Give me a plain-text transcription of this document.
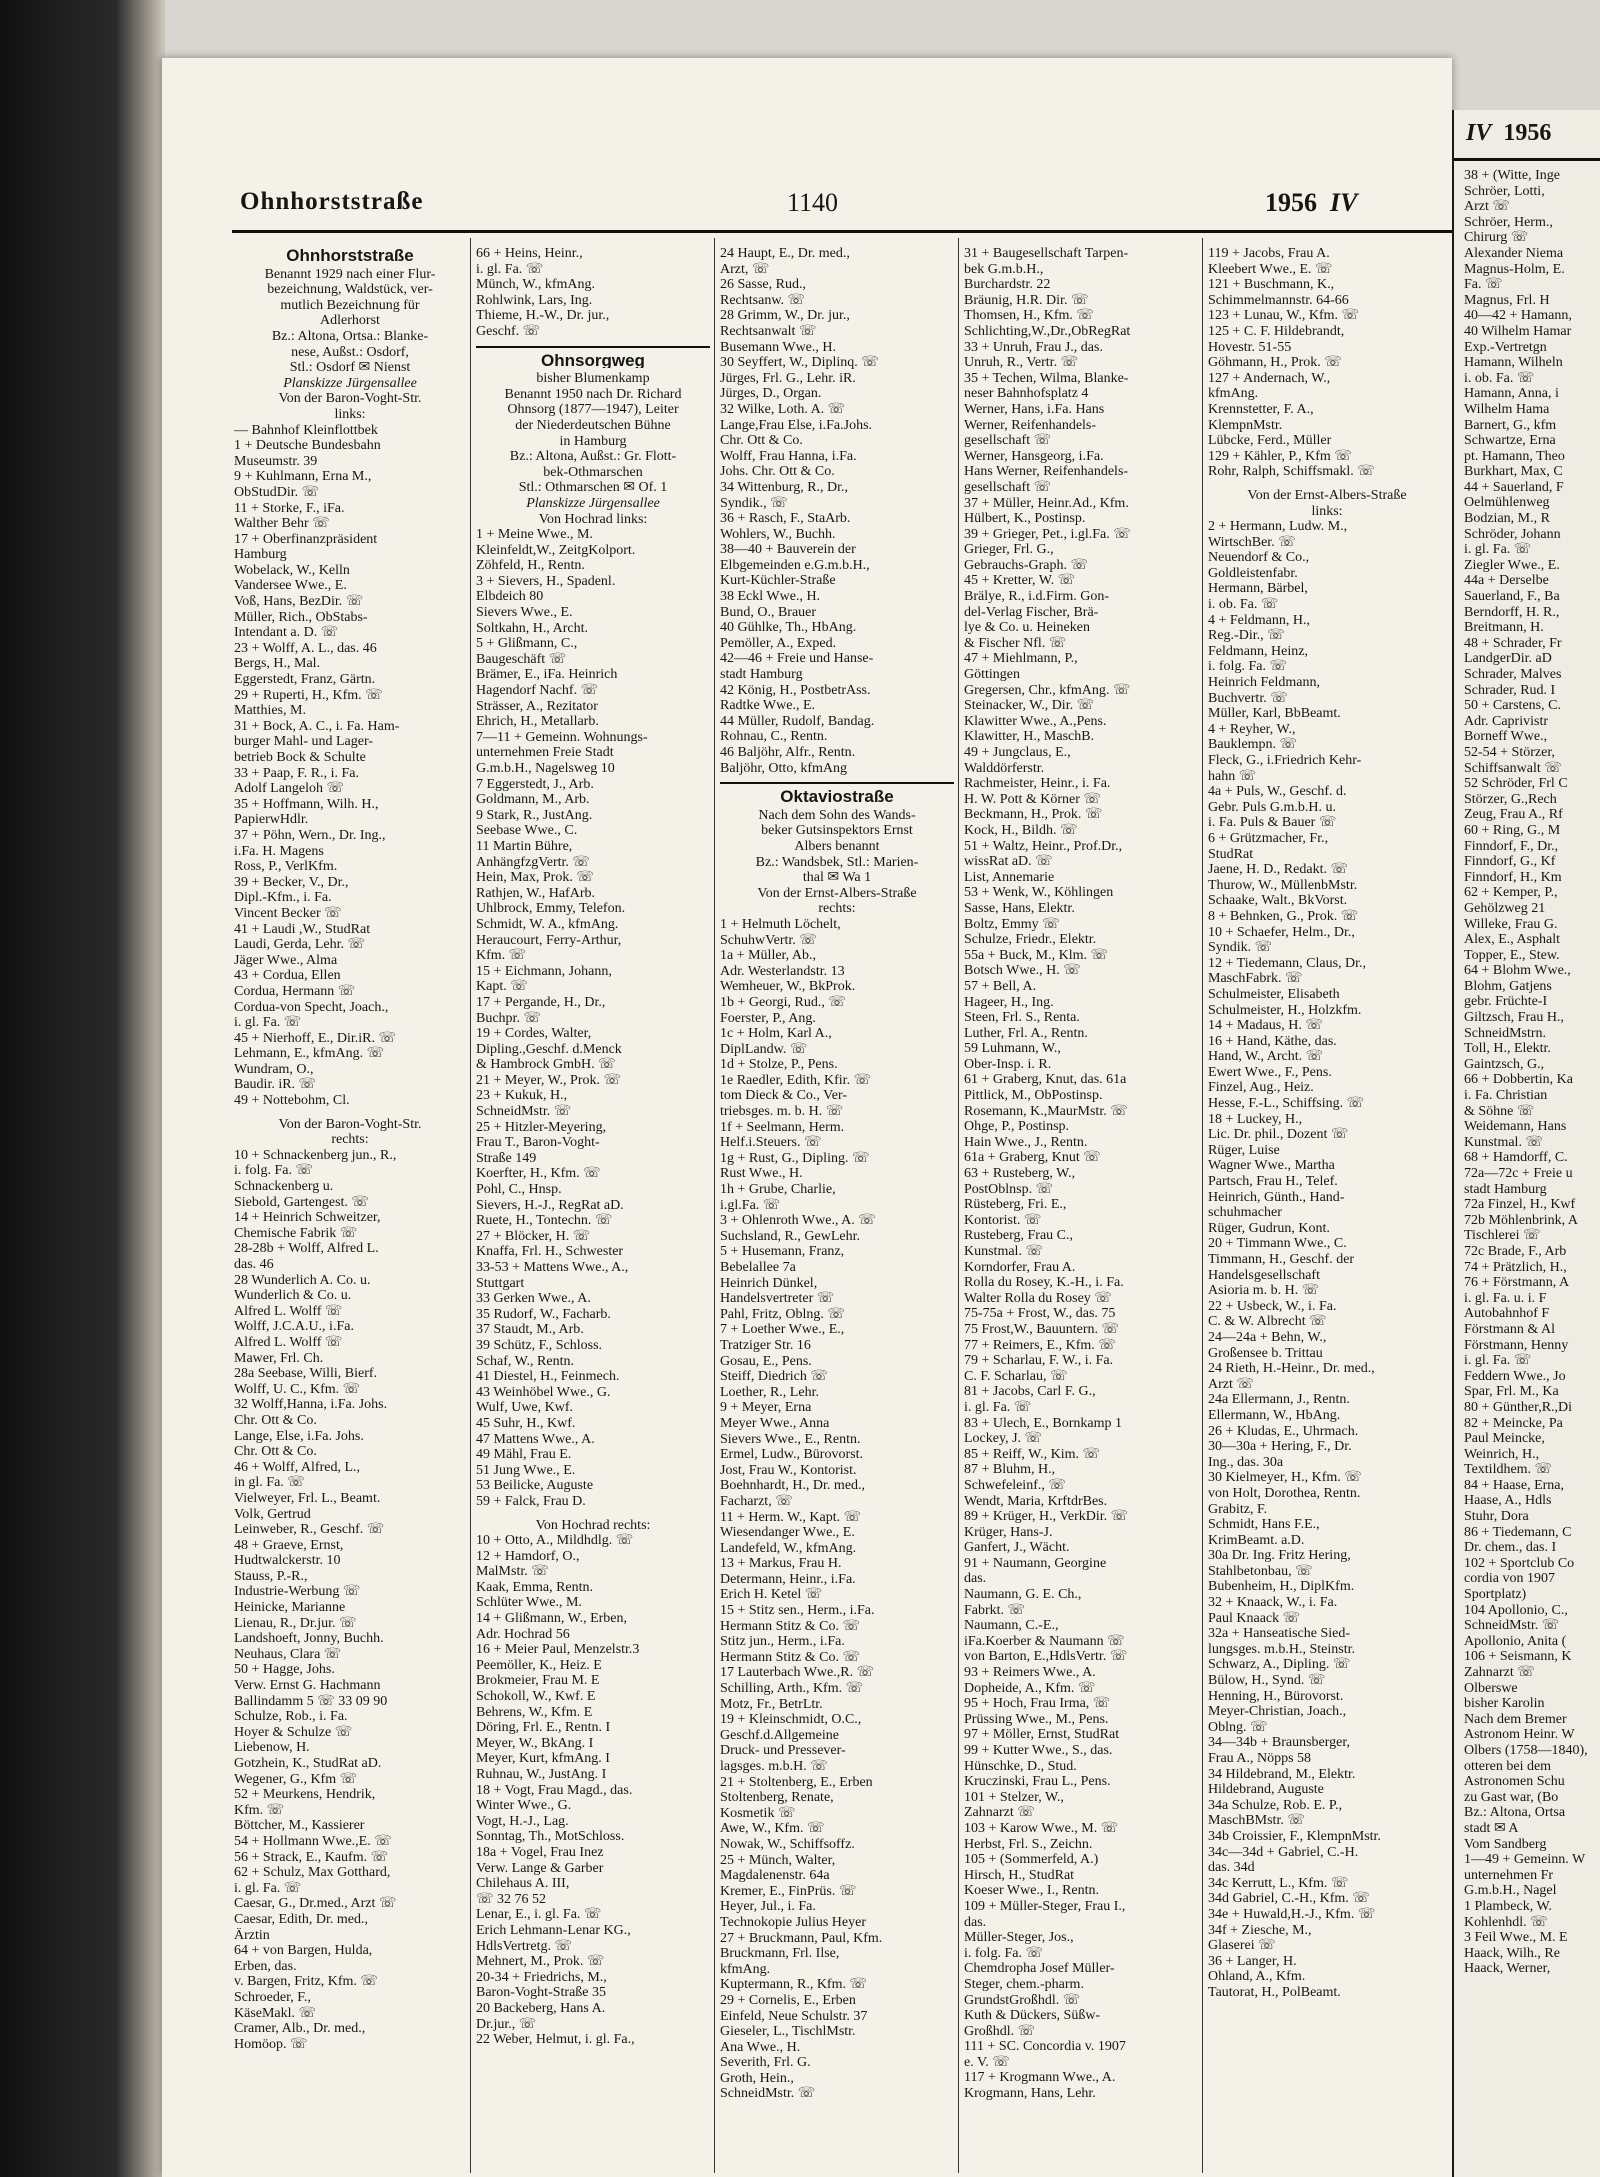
Ohnhorststraße	1140	1956 IV
Ohnhorststraße
Benannt 1929 nach einer Flur-
bezeichnung, Waldstück, ver-
mutlich Bezeichnung für
Adlerhorst
Bz.: Altona, Ortsa.: Blanke-
nese, Außst.: Osdorf,
Stl.: Osdorf ✉ Nienst
Planskizze Jürgensallee
Von der Baron-Voght-Str.
links:
— Bahnhof Kleinflottbek
1 + Deutsche Bundesbahn
Museumstr. 39
9 + Kuhlmann, Erna M.,
ObStudDir. ☏
11 + Storke, F., iFa.
Walther Behr ☏
17 + Oberfinanzpräsident
Hamburg
Wobelack, W., Kelln
Vandersee Wwe., E.
Voß, Hans, BezDir. ☏
Müller, Rich., ObStabs-
Intendant a. D. ☏
23 + Wolff, A. L., das. 46
Bergs, H., Mal.
Eggerstedt, Franz, Gärtn.
29 + Ruperti, H., Kfm. ☏
Matthies, M.
31 + Bock, A. C., i. Fa. Ham-
burger Mahl- und Lager-
betrieb Bock & Schulte
33 + Paap, F. R., i. Fa.
Adolf Langeloh ☏
35 + Hoffmann, Wilh. H.,
PapierwHdlr.
37 + Pöhn, Wern., Dr. Ing.,
i.Fa. H. Magens
Ross, P., VerlKfm.
39 + Becker, V., Dr.,
Dipl.-Kfm., i. Fa.
Vincent Becker ☏
41 + Laudi ,W., StudRat
Laudi, Gerda, Lehr. ☏
Jäger Wwe., Alma
43 + Cordua, Ellen
Cordua, Hermann ☏
Cordua-von Specht, Joach.,
i. gl. Fa. ☏
45 + Nierhoff, E., Dir.iR. ☏
Lehmann, E., kfmAng. ☏
Wundram, O.,
Baudir. iR. ☏
49 + Nottebohm, Cl.
Von der Baron-Voght-Str.
rechts:
10 + Schnackenberg jun., R.,
i. folg. Fa. ☏
Schnackenberg u.
Siebold, Gartengest. ☏
14 + Heinrich Schweitzer,
Chemische Fabrik ☏
28-28b + Wolff, Alfred L.
das. 46
28 Wunderlich A. Co. u.
Wunderlich & Co. u.
Alfred L. Wolff ☏
Wolff, J.C.A.U., i.Fa.
Alfred L. Wolff ☏
Mawer, Frl. Ch.
28a Seebase, Willi, Bierf.
Wolff, U. C., Kfm. ☏
32 Wolff,Hanna, i.Fa. Johs.
Chr. Ott & Co.
Lange, Else, i.Fa. Johs.
Chr. Ott & Co.
46 + Wolff, Alfred, L.,
in gl. Fa. ☏
Vielweyer, Frl. L., Beamt.
Volk, Gertrud
Leinweber, R., Geschf. ☏
48 + Graeve, Ernst,
Hudtwalckerstr. 10
Stauss, P.-R.,
Industrie-Werbung ☏
Heinicke, Marianne
Lienau, R., Dr.jur. ☏
Landshoeft, Jonny, Buchh.
Neuhaus, Clara ☏
50 + Hagge, Johs.
Verw. Ernst G. Hachmann
Ballindamm 5 ☏ 33 09 90
Schulze, Rob., i. Fa.
Hoyer & Schulze ☏
Liebenow, H.
Gotzhein, K., StudRat aD.
Wegener, G., Kfm ☏
52 + Meurkens, Hendrik,
Kfm. ☏
Böttcher, M., Kassierer
54 + Hollmann Wwe.,E. ☏
56 + Strack, E., Kaufm. ☏
62 + Schulz, Max Gotthard,
i. gl. Fa. ☏
Caesar, G., Dr.med., Arzt ☏
Caesar, Edith, Dr. med.,
Ärztin
64 + von Bargen, Hulda,
Erben, das.
v. Bargen, Fritz, Kfm. ☏
Schroeder, F.,
KäseMakl. ☏
Cramer, Alb., Dr. med.,
Homöop. ☏
66 + Heins, Heinr.,
i. gl. Fa. ☏
Münch, W., kfmAng.
Rohlwink, Lars, Ing.
Thieme, H.-W., Dr. jur.,
Geschf. ☏
Ohnsorgweg
bisher Blumenkamp
Benannt 1950 nach Dr. Richard
Ohnsorg (1877—1947), Leiter
der Niederdeutschen Bühne
in Hamburg
Bz.: Altona, Außst.: Gr. Flott-
bek-Othmarschen
Stl.: Othmarschen ✉ Of. 1
Planskizze Jürgensallee
Von Hochrad links:
1 + Meine Wwe., M.
Kleinfeldt,W., ZeitgKolport.
Zöhfeld, H., Rentn.
3 + Sievers, H., Spadenl.
Elbdeich 80
Sievers Wwe., E.
Soltkahn, H., Archt.
5 + Glißmann, C.,
Baugeschäft ☏
Brämer, E., iFa. Heinrich
Hagendorf Nachf. ☏
Strässer, A., Rezitator
Ehrich, H., Metallarb.
7—11 + Gemeinn. Wohnungs-
unternehmen Freie Stadt
G.m.b.H., Nagelsweg 10
7 Eggerstedt, J., Arb.
Goldmann, M., Arb.
9 Stark, R., JustAng.
Seebase Wwe., C.
11 Martin Bühre,
AnhängfzgVertr. ☏
Hein, Max, Prok. ☏
Rathjen, W., HafArb.
Uhlbrock, Emmy, Telefon.
Schmidt, W. A., kfmAng.
Heraucourt, Ferry-Arthur,
Kfm. ☏
15 + Eichmann, Johann,
Kapt. ☏
17 + Pergande, H., Dr.,
Buchpr. ☏
19 + Cordes, Walter,
Dipling.,Geschf. d.Menck
& Hambrock GmbH. ☏
21 + Meyer, W., Prok. ☏
23 + Kukuk, H.,
SchneidMstr. ☏
25 + Hitzler-Meyering,
Frau T., Baron-Voght-
Straße 149
Koerfter, H., Kfm. ☏
Pohl, C., Hnsp.
Sievers, H.-J., RegRat aD.
Ruete, H., Tontechn. ☏
27 + Blöcker, H. ☏
Knaffa, Frl. H., Schwester
33-53 + Mattens Wwe., A.,
Stuttgart
33 Gerken Wwe., A.
35 Rudorf, W., Facharb.
37 Staudt, M., Arb.
39 Schütz, F., Schloss.
Schaf, W., Rentn.
41 Diestel, H., Feinmech.
43 Weinhöbel Wwe., G.
Wulf, Uwe, Kwf.
45 Suhr, H., Kwf.
47 Mattens Wwe., A.
49 Mähl, Frau E.
51 Jung Wwe., E.
53 Beilicke, Auguste
59 + Falck, Frau D.
Von Hochrad rechts:
10 + Otto, A., Mildhdlg. ☏
12 + Hamdorf, O.,
MalMstr. ☏
Kaak, Emma, Rentn.
Schlüter Wwe., M.
14 + Glißmann, W., Erben,
Adr. Hochrad 56
16 + Meier Paul, Menzelstr.3
Peemöller, K., Heiz. E
Brokmeier, Frau M. E
Schokoll, W., Kwf. E
Behrens, W., Kfm. E
Döring, Frl. E., Rentn. I
Meyer, W., BkAng. I
Meyer, Kurt, kfmAng. I
Ruhnau, W., JustAng. I
18 + Vogt, Frau Magd., das.
Winter Wwe., G.
Vogt, H.-J., Lag.
Sonntag, Th., MotSchloss.
18a + Vogel, Frau Inez
Verw. Lange & Garber
Chilehaus A. III,
☏ 32 76 52
Lenar, E., i. gl. Fa. ☏
Erich Lehmann-Lenar KG.,
HdlsVertretg. ☏
Mehnert, M., Prok. ☏
20-34 + Friedrichs, M.,
Baron-Voght-Straße 35
20 Backeberg, Hans A.
Dr.jur., ☏
22 Weber, Helmut, i. gl. Fa.,
24 Haupt, E., Dr. med.,
Arzt, ☏
26 Sasse, Rud.,
Rechtsanw. ☏
28 Grimm, W., Dr. jur.,
Rechtsanwalt ☏
Busemann Wwe., H.
30 Seyffert, W., Diplinq. ☏
Jürges, Frl. G., Lehr. iR.
Jürges, D., Organ.
32 Wilke, Loth. A. ☏
Lange,Frau Else, i.Fa.Johs.
Chr. Ott & Co.
Wolff, Frau Hanna, i.Fa.
Johs. Chr. Ott & Co.
34 Wittenburg, R., Dr.,
Syndik., ☏
36 + Rasch, F., StaArb.
Wohlers, W., Buchh.
38—40 + Bauverein der
Elbgemeinden e.G.m.b.H.,
Kurt-Küchler-Straße
38 Eckl Wwe., H.
Bund, O., Brauer
40 Gühlke, Th., HbAng.
Pemöller, A., Exped.
42—46 + Freie und Hanse-
stadt Hamburg
42 König, H., PostbetrAss.
Radtke Wwe., E.
44 Müller, Rudolf, Bandag.
Rohnau, C., Rentn.
46 Baljöhr, Alfr., Rentn.
Baljöhr, Otto, kfmAng
Oktaviostraße
Nach dem Sohn des Wands-
beker Gutsinspektors Ernst
Albers benannt
Bz.: Wandsbek, Stl.: Marien-
thal ✉ Wa 1
Von der Ernst-Albers-Straße
rechts:
1 + Helmuth Löchelt,
SchuhwVertr. ☏
1a + Müller, Ab.,
Adr. Westerlandstr. 13
Wemheuer, W., BkProk.
1b + Georgi, Rud., ☏
Foerster, P., Ang.
1c + Holm, Karl A.,
DiplLandw. ☏
1d + Stolze, P., Pens.
1e Raedler, Edith, Kfir. ☏
tom Dieck & Co., Ver-
triebsges. m. b. H. ☏
1f + Seelmann, Herm.
Helf.i.Steuers. ☏
1g + Rust, G., Dipling. ☏
Rust Wwe., H.
1h + Grube, Charlie,
i.gl.Fa. ☏
3 + Ohlenroth Wwe., A. ☏
Suchsland, R., GewLehr.
5 + Husemann, Franz,
Bebelallee 7a
Heinrich Dünkel,
Handelsvertreter ☏
Pahl, Fritz, Oblng. ☏
7 + Loether Wwe., E.,
Tratziger Str. 16
Gosau, E., Pens.
Steiff, Diedrich ☏
Loether, R., Lehr.
9 + Meyer, Erna
Meyer Wwe., Anna
Sievers Wwe., E., Rentn.
Ermel, Ludw., Bürovorst.
Jost, Frau W., Kontorist.
Boehnhardt, H., Dr. med.,
Facharzt, ☏
11 + Herm. W., Kapt. ☏
Wiesendanger Wwe., E.
Landefeld, W., kfmAng.
13 + Markus, Frau H.
Determann, Heinr., i.Fa.
Erich H. Ketel ☏
15 + Stitz sen., Herm., i.Fa.
Hermann Stitz & Co. ☏
Stitz jun., Herm., i.Fa.
Hermann Stitz & Co. ☏
17 Lauterbach Wwe.,R. ☏
Schilling, Arth., Kfm. ☏
Motz, Fr., BetrLtr.
19 + Kleinschmidt, O.C.,
Geschf.d.Allgemeine
Druck- und Pressever-
lagsges. m.b.H. ☏
21 + Stoltenberg, E., Erben
Stoltenberg, Renate,
Kosmetik ☏
Awe, W., Kfm. ☏
Nowak, W., Schiffsoffz.
25 + Münch, Walter,
Magdalenenstr. 64a
Kremer, E., FinPrüs. ☏
Heyer, Jul., i. Fa.
Technokopie Julius Heyer
27 + Bruckmann, Paul, Kfm.
Bruckmann, Frl. Ilse,
kfmAng.
Kuptermann, R., Kfm. ☏
29 + Cornelis, E., Erben
Einfeld, Neue Schulstr. 37
Gieseler, L., TischlMstr.
Ana Wwe., H.
Severith, Frl. G.
Groth, Hein.,
SchneidMstr. ☏
31 + Baugesellschaft Tarpen-
bek G.m.b.H.,
Burchardstr. 22
Bräunig, H.R. Dir. ☏
Thomsen, H., Kfm. ☏
Schlichting,W.,Dr.,ObRegRat
33 + Unruh, Frau J., das.
Unruh, R., Vertr. ☏
35 + Techen, Wilma, Blanke-
neser Bahnhofsplatz 4
Werner, Hans, i.Fa. Hans
Werner, Reifenhandels-
gesellschaft ☏
Werner, Hansgeorg, i.Fa.
Hans Werner, Reifenhandels-
gesellschaft ☏
37 + Müller, Heinr.Ad., Kfm.
Hülbert, K., Postinsp.
39 + Grieger, Pet., i.gl.Fa. ☏
Grieger, Frl. G.,
Gebrauchs-Graph. ☏
45 + Kretter, W. ☏
Brälye, R., i.d.Firm. Gon-
del-Verlag Fischer, Brä-
lye & Co. u. Heineken
& Fischer Nfl. ☏
47 + Miehlmann, P.,
Göttingen
Gregersen, Chr., kfmAng. ☏
Steinacker, W., Dir. ☏
Klawitter Wwe., A.,Pens.
Klawitter, H., MaschB.
49 + Jungclaus, E.,
Walddörferstr.
Rachmeister, Heinr., i. Fa.
H. W. Pott & Körner ☏
Beckmann, H., Prok. ☏
Kock, H., Bildh. ☏
51 + Waltz, Heinr., Prof.Dr.,
wissRat aD. ☏
List, Annemarie
53 + Wenk, W., Köhlingen
Sasse, Hans, Elektr.
Boltz, Emmy ☏
Schulze, Friedr., Elektr.
55a + Buck, M., Klm. ☏
Botsch Wwe., H. ☏
57 + Bell, A.
Hageer, H., Ing.
Steen, Frl. S., Renta.
Luther, Frl. A., Rentn.
59 Luhmann, W.,
Ober-Insp. i. R.
61 + Graberg, Knut, das. 61a
Pittlick, M., ObPostinsp.
Rosemann, K.,MaurMstr. ☏
Ohge, P., Postinsp.
Hain Wwe., J., Rentn.
61a + Graberg, Knut ☏
63 + Rusteberg, W.,
PostOblnsp. ☏
Rüsteberg, Fri. E.,
Kontorist. ☏
Rusteberg, Frau C.,
Kunstmal. ☏
Korndorfer, Frau A.
Rolla du Rosey, K.-H., i. Fa.
Walter Rolla du Rosey ☏
75-75a + Frost, W., das. 75
75 Frost,W., Bauuntern. ☏
77 + Reimers, E., Kfm. ☏
79 + Scharlau, F. W., i. Fa.
C. F. Scharlau, ☏
81 + Jacobs, Carl F. G.,
i. gl. Fa. ☏
83 + Ulech, E., Bornkamp 1
Lockey, J. ☏
85 + Reiff, W., Kim. ☏
87 + Bluhm, H.,
Schwefeleinf., ☏
Wendt, Maria, KrftdrBes.
89 + Krüger, H., VerkDir. ☏
Krüger, Hans-J.
Ganfert, J., Wächt.
91 + Naumann, Georgine
das.
Naumann, G. E. Ch.,
Fabrkt. ☏
Naumann, C.-E.,
iFa.Koerber & Naumann ☏
von Barton, E.,HdlsVertr. ☏
93 + Reimers Wwe., A.
Dopheide, A., Kfm. ☏
95 + Hoch, Frau Irma, ☏
Prüssing Wwe., M., Pens.
97 + Möller, Ernst, StudRat
99 + Kutter Wwe., S., das.
Hünschke, D., Stud.
Kruczinski, Frau L., Pens.
101 + Stelzer, W.,
Zahnarzt ☏
103 + Karow Wwe., M. ☏
Herbst, Frl. S., Zeichn.
105 + (Sommerfeld, A.)
Hirsch, H., StudRat
Koeser Wwe., I., Rentn.
109 + Müller-Steger, Frau I.,
das.
Müller-Steger, Jos.,
i. folg. Fa. ☏
Chemdropha Josef Müller-
Steger, chem.-pharm.
GrundstGroßhdl. ☏
Kuth & Dückers, Süßw-
Großhdl. ☏
111 + SC. Concordia v. 1907
e. V. ☏
117 + Krogmann Wwe., A.
Krogmann, Hans, Lehr.
119 + Jacobs, Frau A.
Kleebert Wwe., E. ☏
121 + Buschmann, K.,
Schimmelmannstr. 64-66
123 + Lunau, W., Kfm. ☏
125 + C. F. Hildebrandt,
Hovestr. 51-55
Göhmann, H., Prok. ☏
127 + Andernach, W.,
kfmAng.
Krennstetter, F. A.,
KlempnMstr.
Lübcke, Ferd., Müller
129 + Kähler, P., Kfm ☏
Rohr, Ralph, Schiffsmakl. ☏
Von der Ernst-Albers-Straße
links:
2 + Hermann, Ludw. M.,
WirtschBer. ☏
Neuendorf & Co.,
Goldleistenfabr.
Hermann, Bärbel,
i. ob. Fa. ☏
4 + Feldmann, H.,
Reg.-Dir., ☏
Feldmann, Heinz,
i. folg. Fa. ☏
Heinrich Feldmann,
Buchvertr. ☏
Müller, Karl, BbBeamt.
4 + Reyher, W.,
Bauklempn. ☏
Fleck, G., i.Friedrich Kehr-
hahn ☏
4a + Puls, W., Geschf. d.
Gebr. Puls G.m.b.H. u.
i. Fa. Puls & Bauer ☏
6 + Grützmacher, Fr.,
StudRat
Jaene, H. D., Redakt. ☏
Thurow, W., MüllenbMstr.
Schaake, Walt., BkVorst.
8 + Behnken, G., Prok. ☏
10 + Schaefer, Helm., Dr.,
Syndik. ☏
12 + Tiedemann, Claus, Dr.,
MaschFabrk. ☏
Schulmeister, Elisabeth
Schulmeister, H., Holzkfm.
14 + Madaus, H. ☏
16 + Hand, Käthe, das.
Hand, W., Archt. ☏
Ewert Wwe., F., Pens.
Finzel, Aug., Heiz.
Hesse, F.-L., Schiffsing. ☏
18 + Luckey, H.,
Lic. Dr. phil., Dozent ☏
Rüger, Luise
Wagner Wwe., Martha
Partsch, Frau H., Telef.
Heinrich, Günth., Hand-
schuhmacher
Rüger, Gudrun, Kont.
20 + Timmann Wwe., C.
Timmann, H., Geschf. der
Handelsgesellschaft
Asioria m. b. H. ☏
22 + Usbeck, W., i. Fa.
C. & W. Albrecht ☏
24—24a + Behn, W.,
Großensee b. Trittau
24 Rieth, H.-Heinr., Dr. med.,
Arzt ☏
24a Ellermann, J., Rentn.
Ellermann, W., HbAng.
26 + Kludas, E., Uhrmach.
30—30a + Hering, F., Dr.
Ing., das. 30a
30 Kielmeyer, H., Kfm. ☏
von Holt, Dorothea, Rentn.
Grabitz, F.
Schmidt, Hans F.E.,
KrimBeamt. a.D.
30a Dr. Ing. Fritz Hering,
Stahlbetonbau, ☏
Bubenheim, H., DiplKfm.
32 + Knaack, W., i. Fa.
Paul Knaack ☏
32a + Hanseatische Sied-
lungsges. m.b.H., Steinstr.
Schwarz, A., Dipling. ☏
Bülow, H., Synd. ☏
Henning, H., Bürovorst.
Meyer-Christian, Joach.,
Oblng. ☏
34—34b + Braunsberger,
Frau A., Nöpps 58
34 Hildebrand, M., Elektr.
Hildebrand, Auguste
34a Schulze, Rob. E. P.,
MaschBMstr. ☏
34b Croissier, F., KlempnMstr.
34c—34d + Gabriel, C.-H.
das. 34d
34c Kerrutt, L., Kfm. ☏
34d Gabriel, C.-H., Kfm. ☏
34e + Huwald,H.-J., Kfm. ☏
34f + Ziesche, M.,
Glaserei ☏
36 + Langer, H.
Ohland, A., Kfm.
Tautorat, H., PolBeamt.
IV 1956
38 + (Witte, Inge
Schröer, Lotti,
Arzt ☏
Schröer, Herm.,
Chirurg ☏
Alexander Niema
Magnus-Holm, E.
Fa. ☏
Magnus, Frl. H
40—42 + Hamann,
40 Wilhelm Hamar
Exp.-Vertretgn
Hamann, Wilheln
i. ob. Fa. ☏
Hamann, Anna, i
Wilhelm Hama
Barnert, G., kfm
Schwartze, Erna
pt. Hamann, Theo
Burkhart, Max, C
44 + Sauerland, F
Oelmühlenweg
Bodzian, M., R
Schröder, Johann
i. gl. Fa. ☏
Ziegler Wwe., E.
44a + Derselbe
Sauerland, F., Ba
Berndorff, H. R.,
Breitmann, H.
48 + Schrader, Fr
LandgerDir. aD
Schrader, Malves
Schrader, Rud. I
50 + Carstens, C.
Adr. Caprivistr
Borneff Wwe.,
52-54 + Störzer,
Schiffsanwalt ☏
52 Schröder, Frl C
Störzer, G.,Rech
Zeug, Frau A., Rf
60 + Ring, G., M
Finndorf, F., Dr.,
Finndorf, G., Kf
Finndorf, H., Km
62 + Kemper, P.,
Gehölzweg 21
Willeke, Frau G.
Alex, E., Asphalt
Topper, E., Stew.
64 + Blohm Wwe.,
Blohm, Gatjens
gebr. Früchte-I
Giltzsch, Frau H.,
SchneidMstrn.
Toll, H., Elektr.
Gaintzsch, G.,
66 + Dobbertin, Ka
i. Fa. Christian
& Söhne ☏
Weidemann, Hans
Kunstmal. ☏
68 + Hamdorff, C.
72a—72c + Freie u
stadt Hamburg
72a Finzel, H., Kwf
72b Möhlenbrink, A
Tischlerei ☏
72c Brade, F., Arb
74 + Prätzlich, H.,
76 + Förstmann, A
i. gl. Fa. u. i. F
Autobahnhof F
Förstmann & Al
Förstmann, Henny
i. gl. Fa. ☏
Feddern Wwe., Jo
Spar, Frl. M., Ka
80 + Günther,R.,Di
82 + Meincke, Pa
Paul Meincke,
Weinrich, H.,
Textildhem. ☏
84 + Haase, Erna,
Haase, A., Hdls
Stuhr, Dora
86 + Tiedemann, C
Dr. chem., das. I
102 + Sportclub Co
cordia von 1907
Sportplatz)
104 Apollonio, C.,
SchneidMstr. ☏
Apollonio, Anita (
106 + Seismann, K
Zahnarzt ☏
Olberswe
bisher Karolin
Nach dem Bremer
Astronom Heinr. W
Olbers (1758—1840),
otteren bei dem
Astronomen Schu
zu Gast war, (Bo
Bz.: Altona, Ortsa
stadt ✉ A
Vom Sandberg
1—49 + Gemeinn. W
unternehmen Fr
G.m.b.H., Nagel
1 Plambeck, W.
Kohlenhdl. ☏
3 Feil Wwe., M. E
Haack, Wilh., Re
Haack, Werner,
